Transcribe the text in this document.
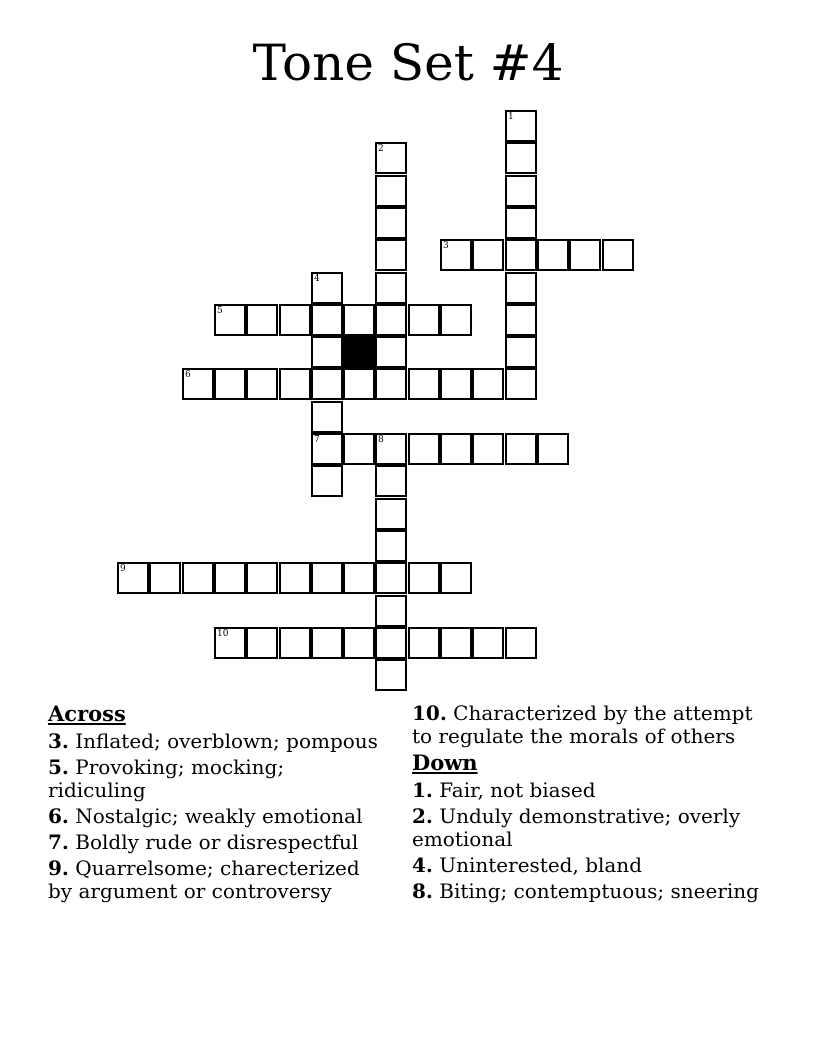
Tone Set #4
1
2
3
4
7
5
6
8
9
10
Across
3. Inflated; overblown; pompous
5. Provoking; mocking; ridiculing
6. Nostalgic; weakly emotional
7. Boldly rude or disrespectful
9. Quarrelsome; charecterized by argument or controversy
10. Characterized by the attempt to regulate the morals of others
Down
1. Fair, not biased
2. Unduly demonstrative; overly emotional
4. Uninterested, bland
8. Biting; contemptuous; sneering
